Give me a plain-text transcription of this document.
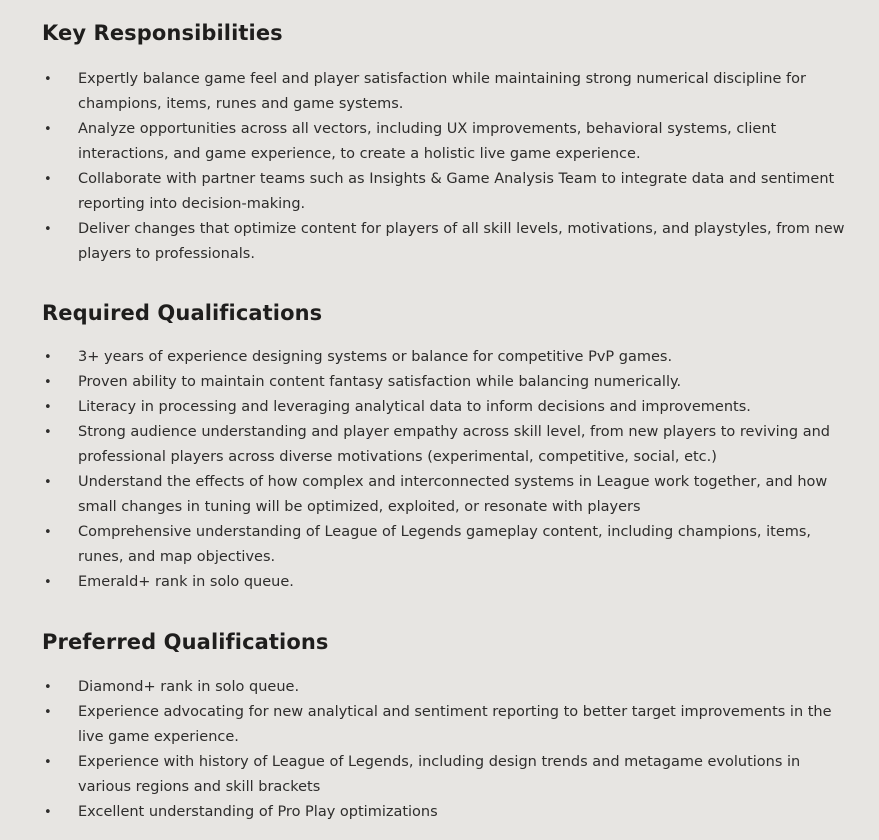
Key Responsibilities
• Expertly balance game feel and player satisfaction while maintaining strong numerical discipline for champions, items, runes and game systems.
• Analyze opportunities across all vectors, including UX improvements, behavioral systems, client interactions, and game experience, to create a holistic live game experience.
• Collaborate with partner teams such as Insights & Game Analysis Team to integrate data and sentiment reporting into decision-making.
• Deliver changes that optimize content for players of all skill levels, motivations, and playstyles, from new players to professionals.
Required Qualifications
• 3+ years of experience designing systems or balance for competitive PvP games.
• Proven ability to maintain content fantasy satisfaction while balancing numerically.
• Literacy in processing and leveraging analytical data to inform decisions and improvements.
• Strong audience understanding and player empathy across skill level, from new players to reviving and professional players across diverse motivations (experimental, competitive, social, etc.)
• Understand the effects of how complex and interconnected systems in League work together, and how small changes in tuning will be optimized, exploited, or resonate with players
• Comprehensive understanding of League of Legends gameplay content, including champions, items, runes, and map objectives.
• Emerald+ rank in solo queue.
Preferred Qualifications
• Diamond+ rank in solo queue.
• Experience advocating for new analytical and sentiment reporting to better target improvements in the live game experience.
• Experience with history of League of Legends, including design trends and metagame evolutions in various regions and skill brackets
• Excellent understanding of Pro Play optimizations
